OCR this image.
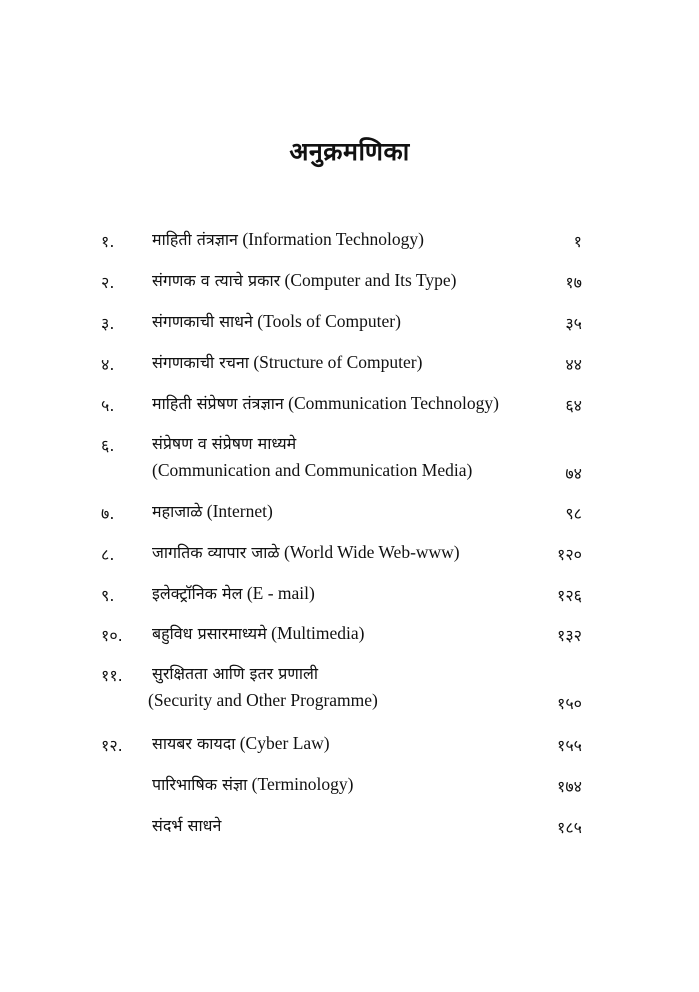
अनुक्रमणिका
१. माहिती तंत्रज्ञान (Information Technology)	१
२. संगणक व त्याचे प्रकार (Computer and Its Type)	१७
३. संगणकाची साधने (Tools of Computer)	३५
४. संगणकाची रचना (Structure of Computer)	४४
५. माहिती संप्रेषण तंत्रज्ञान (Communication Technology)	६४
६. संप्रेषण व संप्रेषण माध्यमे
(Communication and Communication Media)	७४
७. महाजाळे (Internet)	९८
८. जागतिक व्यापार जाळे (World Wide Web-www)	१२०
९. इलेक्ट्रॉनिक मेल (E - mail)	१२६
१०. बहुविध प्रसारमाध्यमे (Multimedia)	१३२
११. सुरक्षितता आणि इतर प्रणाली
(Security and Other Programme)	१५०
१२. सायबर कायदा (Cyber Law)	१५५
पारिभाषिक संज्ञा (Terminology)	१७४
संदर्भ साधने	१८५
